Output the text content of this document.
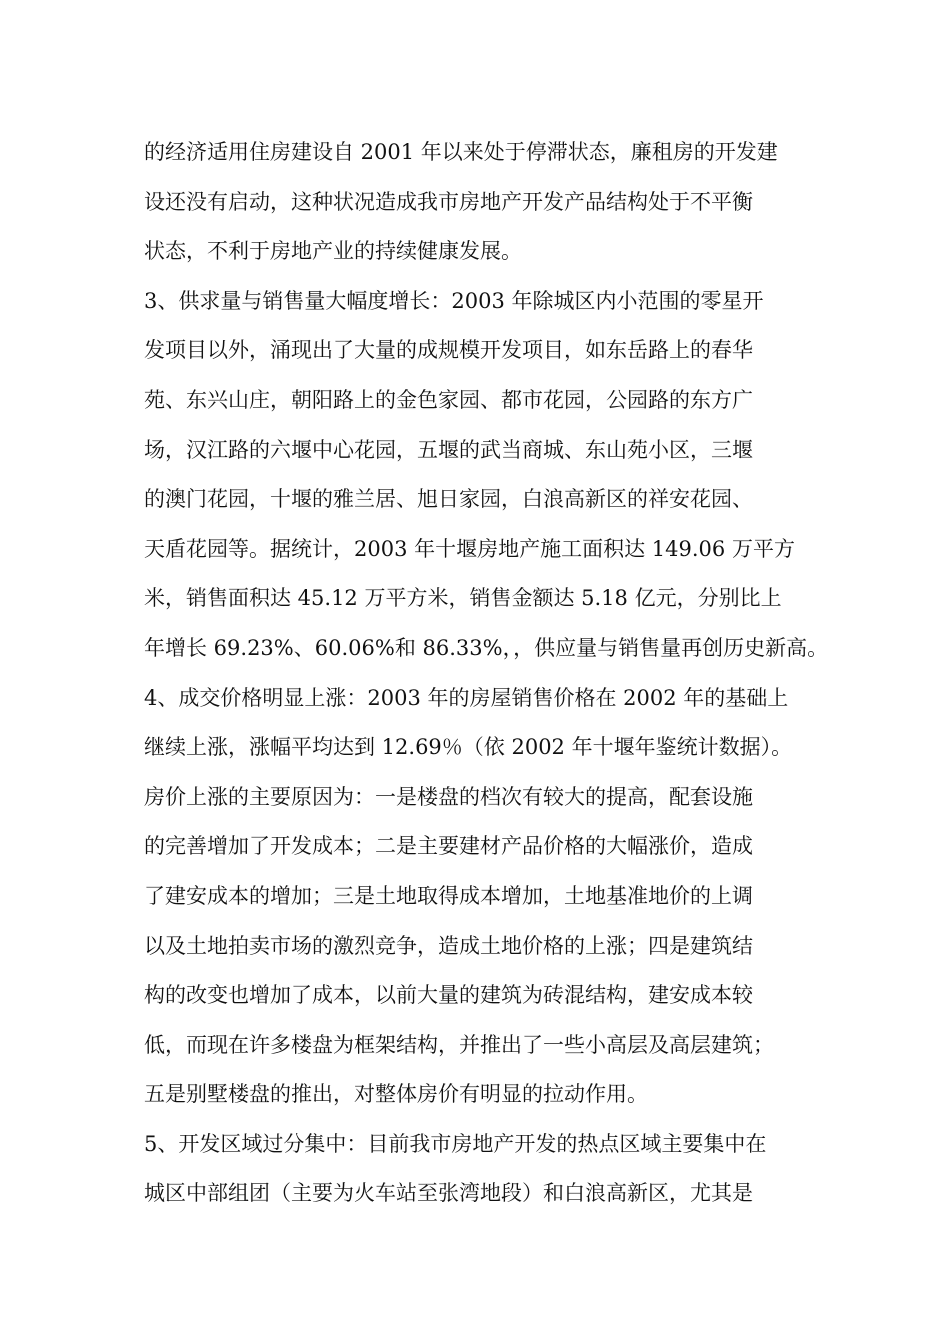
的经济适用住房建设自 2001 年以来处于停滞状态，廉租房的开发建
设还没有启动，这种状况造成我市房地产开发产品结构处于不平衡
状态，不利于房地产业的持续健康发展。
3、供求量与销售量大幅度增长：2003 年除城区内小范围的零星开
发项目以外，涌现出了大量的成规模开发项目，如东岳路上的春华
苑、东兴山庄，朝阳路上的金色家园、都市花园，公园路的东方广
场，汉江路的六堰中心花园，五堰的武当商城、东山苑小区，三堰
的澳门花园，十堰的雅兰居、旭日家园，白浪高新区的祥安花园、
天盾花园等。据统计，2003 年十堰房地产施工面积达 149.06 万平方
米，销售面积达 45.12 万平方米，销售金额达 5.18 亿元，分别比上
年增长 69.23%、60.06%和 86.33%，，供应量与销售量再创历史新高。
4、成交价格明显上涨：2003 年的房屋销售价格在 2002 年的基础上
继续上涨，涨幅平均达到 12.69％（依 2002 年十堰年鉴统计数据）。
房价上涨的主要原因为：一是楼盘的档次有较大的提高，配套设施
的完善增加了开发成本；二是主要建材产品价格的大幅涨价，造成
了建安成本的增加；三是土地取得成本增加，土地基准地价的上调
以及土地拍卖市场的激烈竞争，造成土地价格的上涨；四是建筑结
构的改变也增加了成本，以前大量的建筑为砖混结构，建安成本较
低，而现在许多楼盘为框架结构，并推出了一些小高层及高层建筑；
五是别墅楼盘的推出，对整体房价有明显的拉动作用。
5、开发区域过分集中：目前我市房地产开发的热点区域主要集中在
城区中部组团（主要为火车站至张湾地段）和白浪高新区，尤其是
